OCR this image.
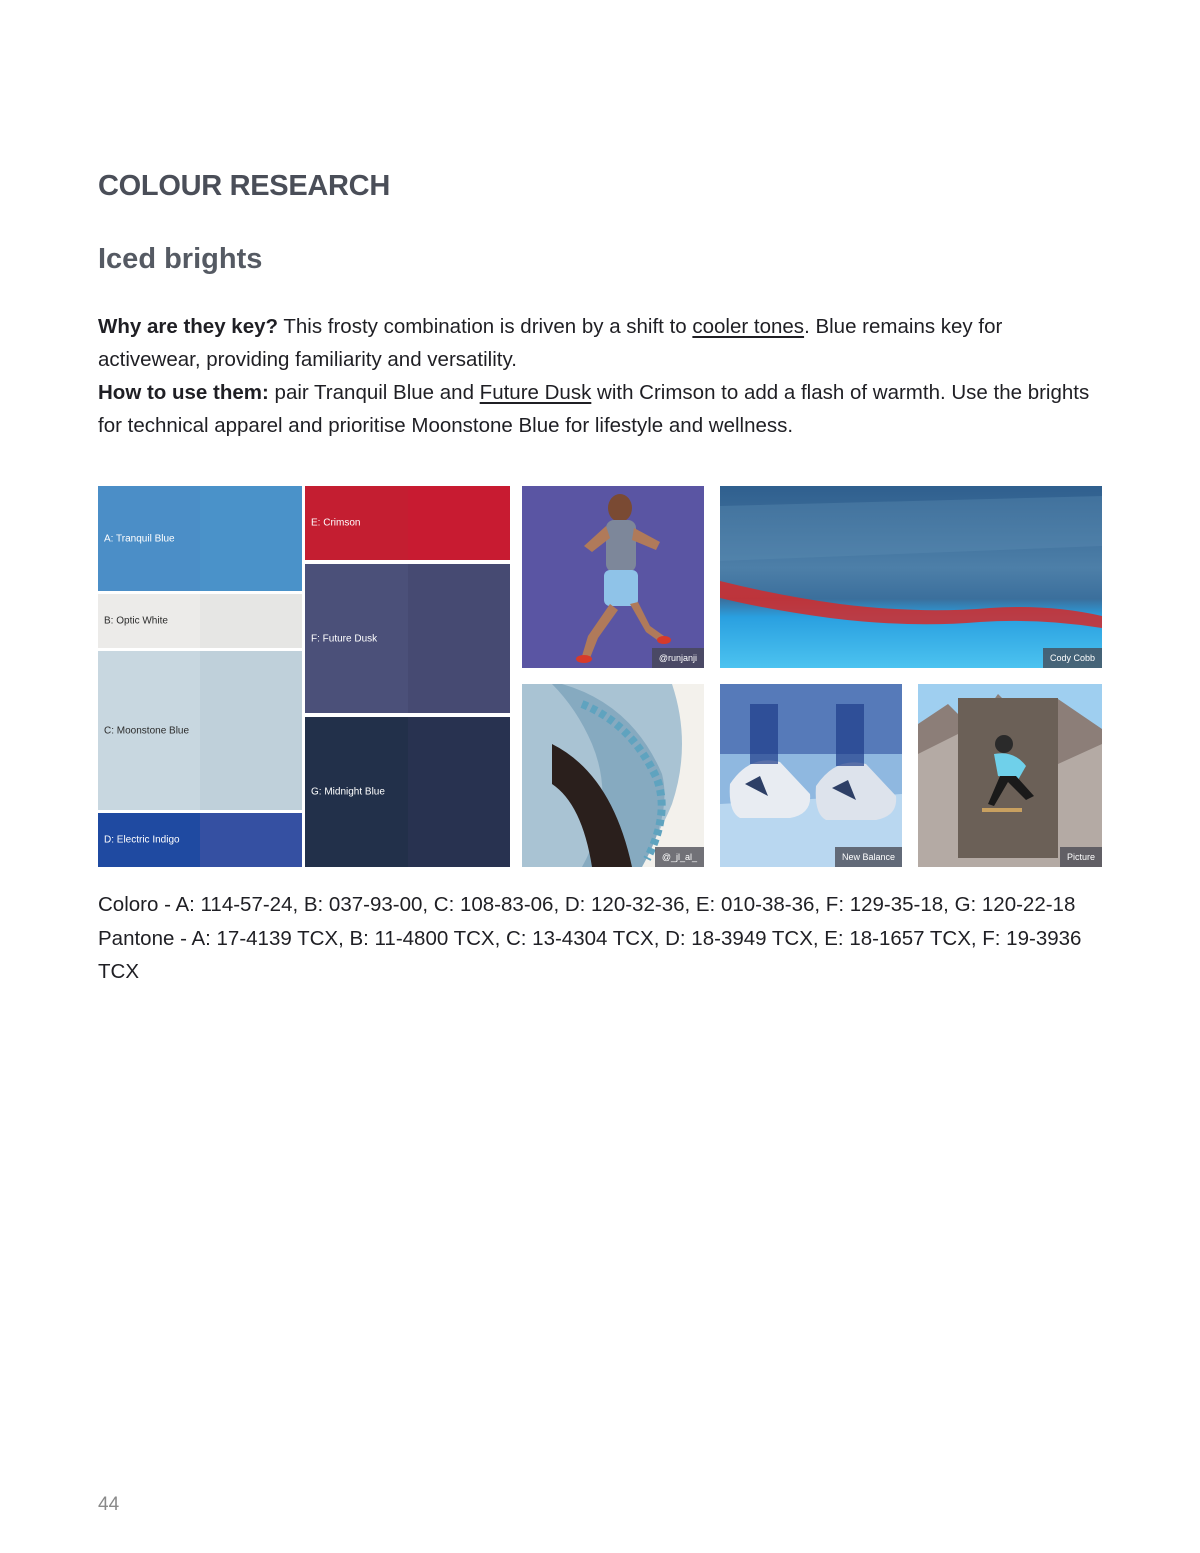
COLOUR RESEARCH
Iced brights

Why are they key? This frosty combination is driven by a shift to cooler tones. Blue remains key for activewear, providing familiarity and versatility.

How to use them: pair Tranquil Blue and Future Dusk with Crimson to add a flash of warmth. Use the brights for technical apparel and prioritise Moonstone Blue for lifestyle and wellness.

A: Tranquil Blue
B: Optic White
C: Moonstone Blue
D: Electric Indigo
E: Crimson
F: Future Dusk
G: Midnight Blue
@runjanji	Cody Cobb
@_jl_al_	New Balance	Picture

Coloro - A: 114-57-24, B: 037-93-00, C: 108-83-06, D: 120-32-36, E: 010-38-36, F: 129-35-18, G: 120-22-18

Pantone - A: 17-4139 TCX, B: 11-4800 TCX, C: 13-4304 TCX, D: 18-3949 TCX, E: 18-1657 TCX, F: 19-3936 TCX

44
